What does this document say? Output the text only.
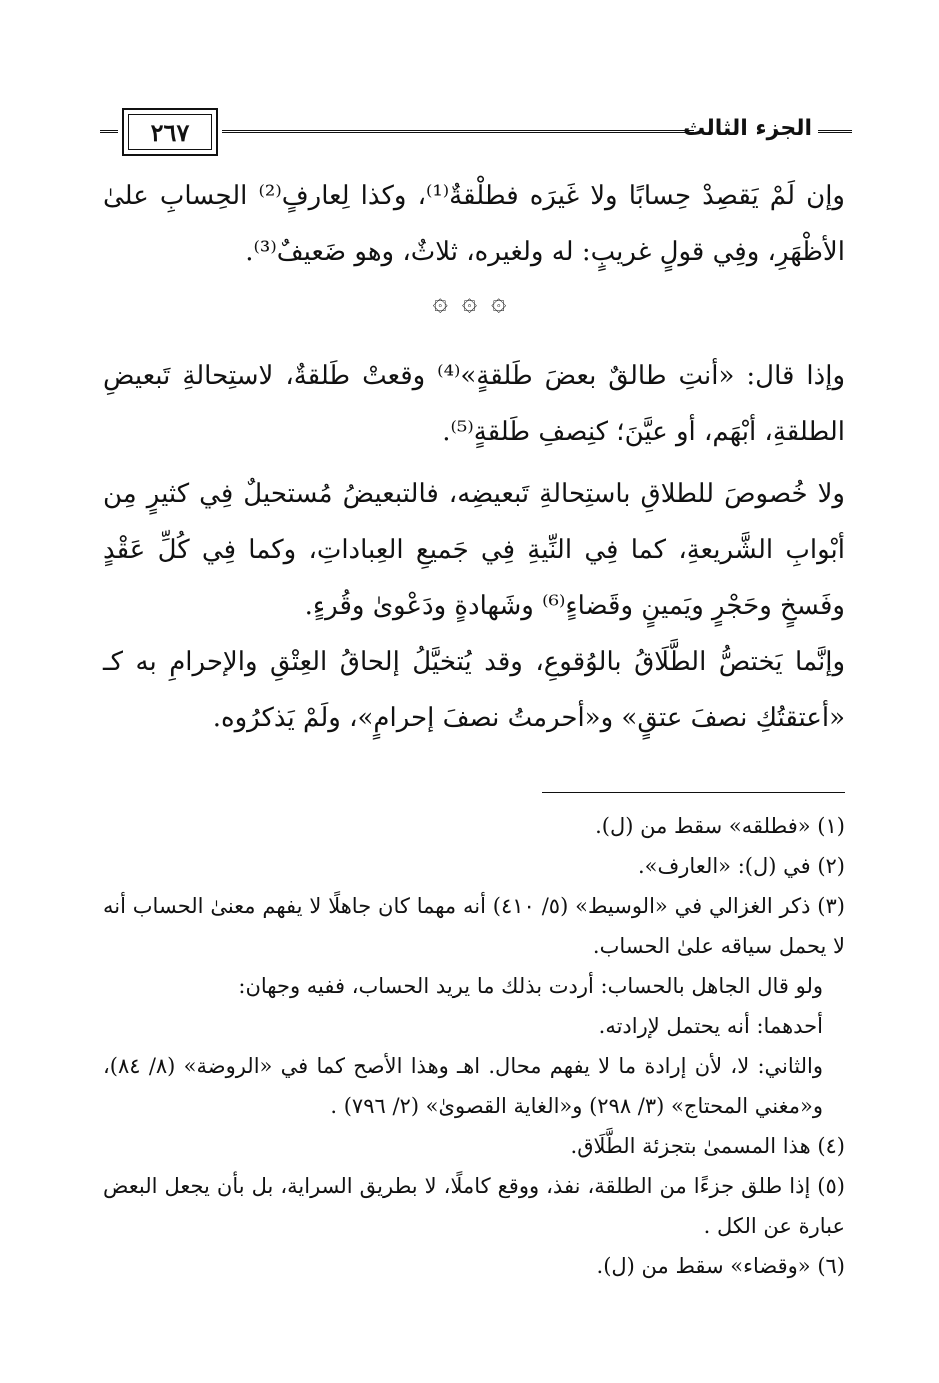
٢٦٧	الجزء الثالث

وإن لَمْ يَقصِدْ حِسابًا ولا غَيرَه فطلْقةٌ⁽¹⁾، وكذا لِعارفٍ⁽²⁾ الحِسابِ علىٰ الأظْهَرِ، وفِي قولٍ غريبٍ: له ولغيره، ثلاثٌ، وهو ضَعيفٌ⁽³⁾.

۞ ۞ ۞

وإذا قال: «أنتِ طالقٌ بعضَ طَلقةٍ»⁽⁴⁾ وقعتْ طَلقةٌ، لاستِحالةِ تَبعيضِ الطلقةِ، أبْهَم، أو عيَّنَ؛ كنِصفِ طَلقةٍ⁽⁵⁾.

ولا خُصوصَ للطلاقِ باستِحالةِ تَبعيضِه، فالتبعيضُ مُستحيلٌ فِي كثيرٍ مِن أبْوابِ الشَّريعةِ، كما فِي النِّيةِ فِي جَميعِ العِباداتِ، وكما فِي كُلِّ عَقْدٍ وفَسخٍ وحَجْرٍ ويَمينٍ وقَضاءٍ⁽⁶⁾ وشَهادةٍ ودَعْوىٰ وقُرءٍ.

وإنَّما يَختصُّ الطَّلَاقُ بالوُقوعِ، وقد يُتخيَّلُ إلحاقُ العِتْقِ والإحرامِ به كـ «أعتقتُكِ نصفَ عتقٍ» و«أحرمتُ نصفَ إحرامٍ»، ولَمْ يَذكرُوه.

(١) «فطلقه» سقط من (ل).

(٢) في (ل): «العارف».

(٣) ذكر الغزالي في «الوسيط» (٥/ ٤١٠) أنه مهما كان جاهلًا لا يفهم معنىٰ الحساب أنه لا يحمل سياقه علىٰ الحساب.

ولو قال الجاهل بالحساب: أردت بذلك ما يريد الحساب، ففيه وجهان:

أحدهما: أنه يحتمل لإرادته.

والثاني: لا، لأن إرادة ما لا يفهم محال. اهـ وهذا الأصح كما في «الروضة» (٨/ ٨٤)، و«مغني المحتاج» (٣/ ٢٩٨) و«الغاية القصوىٰ» (٢/ ٧٩٦) .

(٤) هذا المسمىٰ بتجزئة الطَّلَاق.

(٥) إذا طلق جزءًا من الطلقة، نفذ، ووقع كاملًا، لا بطريق السراية، بل بأن يجعل البعض عبارة عن الكل .

(٦) «وقضاء» سقط من (ل).
